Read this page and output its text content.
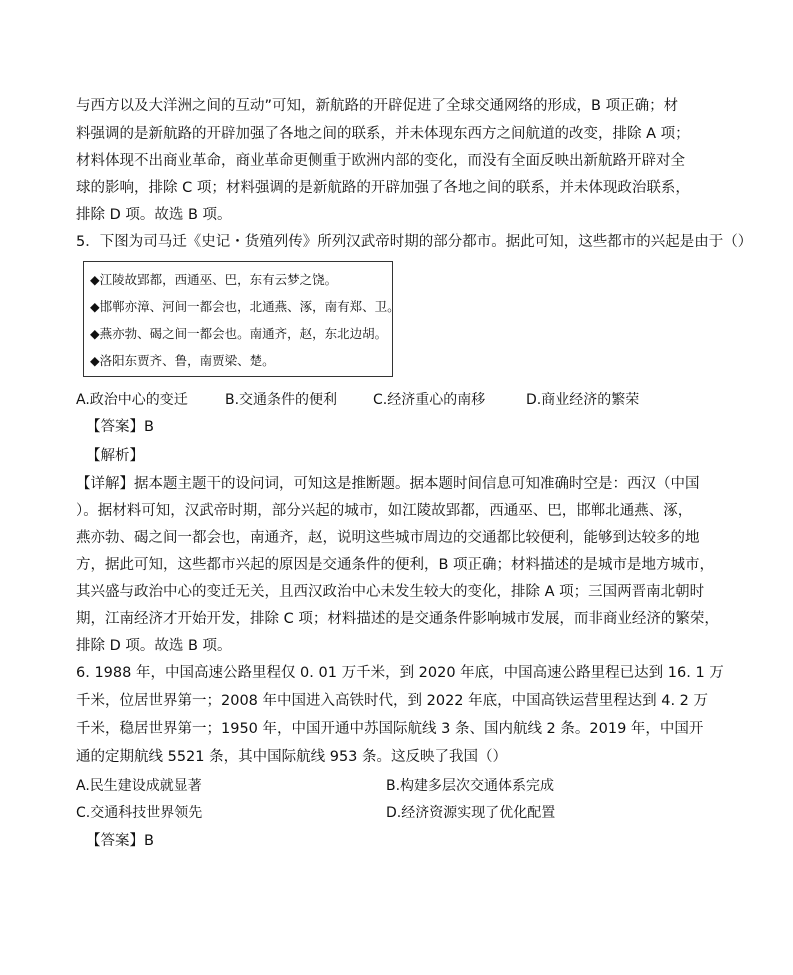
与西方以及大洋洲之间的互动”可知，新航路的开辟促进了全球交通网络的形成，B 项正确；材
料强调的是新航路的开辟加强了各地之间的联系，并未体现东西方之间航道的改变，排除 A 项；
材料体现不出商业革命，商业革命更侧重于欧洲内部的变化，而没有全面反映出新航路开辟对全
球的影响，排除 C 项；材料强调的是新航路的开辟加强了各地之间的联系，并未体现政治联系，
排除 D 项。故选 B 项。
5．下图为司马迁《史记・货殖列传》所列汉武帝时期的部分都市。据此可知，这些都市的兴起是由于（）
◆江陵故郢都，西通巫、巴，东有云梦之饶。
◆邯郸亦漳、河间一都会也，北通燕、涿，南有郑、卫。
◆燕亦勃、碣之间一都会也。南通齐，赵，东北边胡。
◆洛阳东贾齐、鲁，南贾梁、楚。
A.政治中心的变迁	B.交通条件的便利	C.经济重心的南移	D.商业经济的繁荣
【答案】B
【解析】
【详解】据本题主题干的设问词，可知这是推断题。据本题时间信息可知准确时空是：西汉（中国
）。据材料可知，汉武帝时期，部分兴起的城市，如江陵故郢都，西通巫、巴，邯郸北通燕、涿，
燕亦勃、碣之间一都会也，南通齐，赵，说明这些城市周边的交通都比较便利，能够到达较多的地
方，据此可知，这些都市兴起的原因是交通条件的便利，B 项正确；材料描述的是城市是地方城市，
其兴盛与政治中心的变迁无关，且西汉政治中心未发生较大的变化，排除 A 项；三国两晋南北朝时
期，江南经济才开始开发，排除 C 项；材料描述的是交通条件影响城市发展，而非商业经济的繁荣，
排除 D 项。故选 B 项。
6. 1988 年，中国高速公路里程仅 0. 01 万千米，到 2020 年底，中国高速公路里程已达到 16. 1 万
千米，位居世界第一；2008 年中国进入高铁时代，到 2022 年底，中国高铁运营里程达到 4. 2 万
千米，稳居世界第一；1950 年，中国开通中苏国际航线 3 条、国内航线 2 条。2019 年，中国开
通的定期航线 5521 条，其中国际航线 953 条。这反映了我国（）
A.民生建设成就显著	B.构建多层次交通体系完成
C.交通科技世界领先	D.经济资源实现了优化配置
【答案】B
